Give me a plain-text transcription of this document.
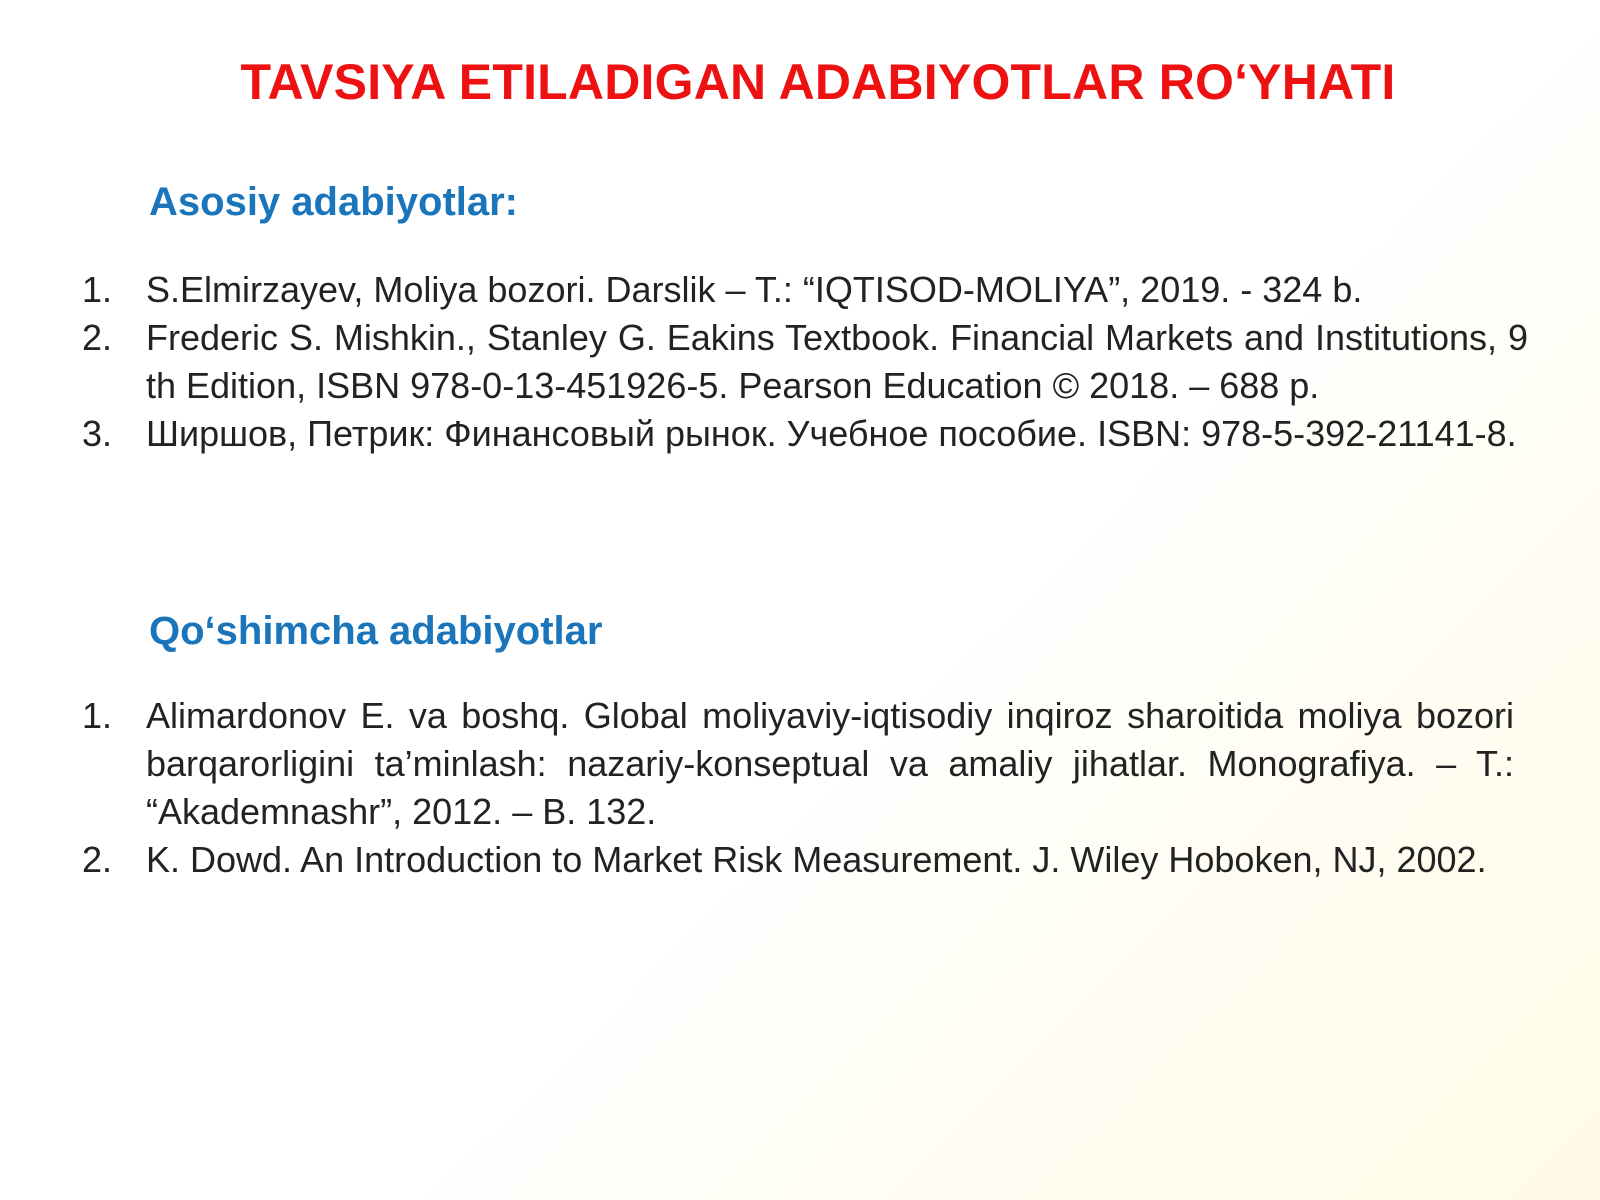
TAVSIYA ETILADIGAN ADABIYOTLAR RO‘YHATI
Asosiy adabiyotlar:
1. S.Elmirzayev, Moliya bozori. Darslik – T.: “IQTISOD-MOLIYA”, 2019. - 324 b.
2. Frederic S. Mishkin., Stanley G. Eakins Textbook. Financial Markets and Institutions, 9 th Edition, ISBN 978-0-13-451926-5. Pearson Education © 2018. – 688 p.
3. Ширшов, Петрик: Финансовый рынок. Учебное пособие. ISBN: 978-5-392-21141-8.
Qo‘shimcha adabiyotlar
1. Alimardonov E. va boshq. Global moliyaviy-iqtisodiy inqiroz sharoitida moliya bozori barqarorligini ta’minlash: nazariy-konseptual va amaliy jihatlar. Monografiya. – T.: “Akademnashr”, 2012. – B. 132.
2. K. Dowd. An Introduction to Market Risk Measurement. J. Wiley Hoboken, NJ, 2002.
